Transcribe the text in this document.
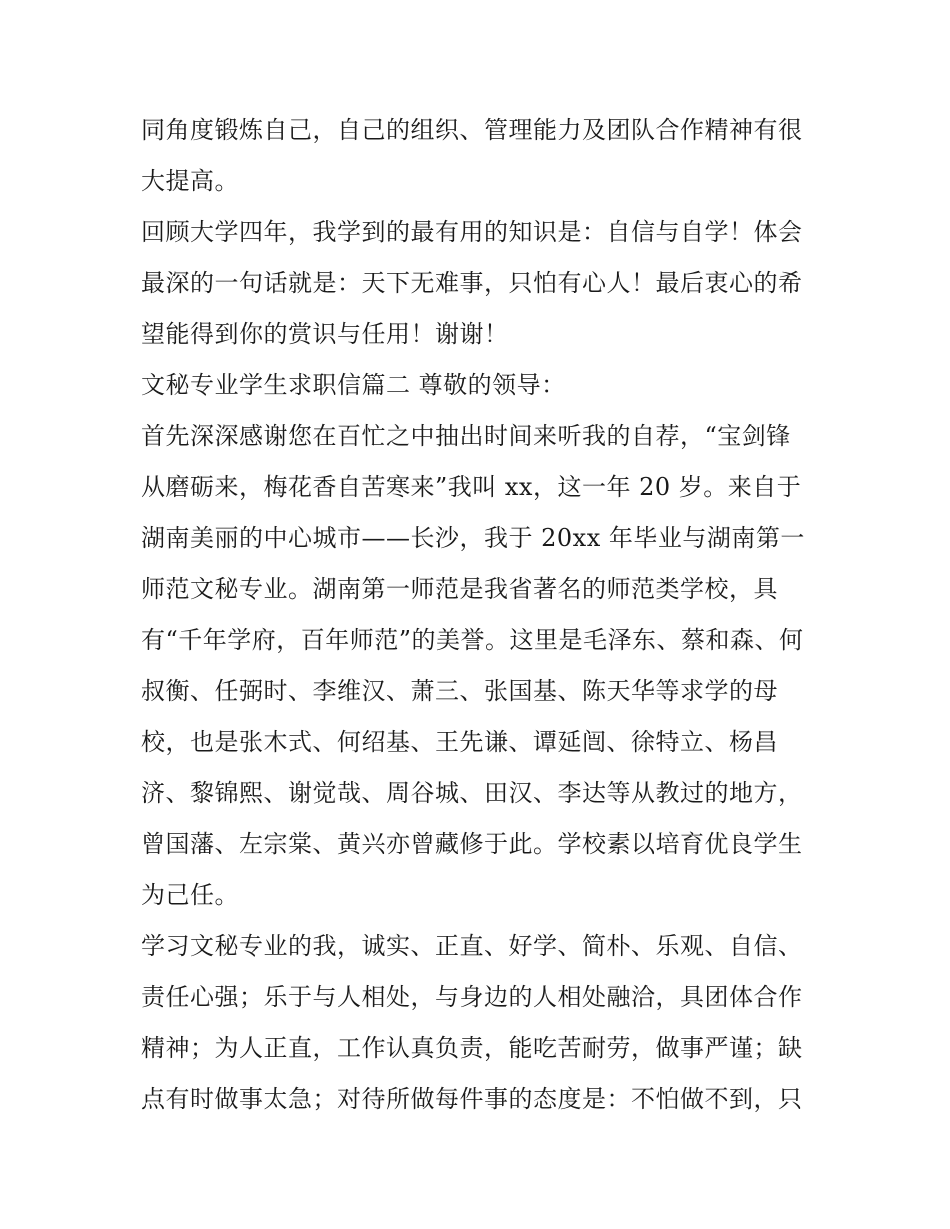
同角度锻炼自己，自己的组织、管理能力及团队合作精神有很
大提高。
回顾大学四年，我学到的最有用的知识是：自信与自学！体会
最深的一句话就是：天下无难事，只怕有心人！最后衷心的希
望能得到你的赏识与任用！谢谢！
文秘专业学生求职信篇二 尊敬的领导：
首先深深感谢您在百忙之中抽出时间来听我的自荐，“宝剑锋
从磨砺来，梅花香自苦寒来”我叫 xx，这一年 20 岁。来自于
湖南美丽的中心城市——长沙，我于 20xx 年毕业与湖南第一
师范文秘专业。湖南第一师范是我省著名的师范类学校，具
有“千年学府，百年师范”的美誉。这里是毛泽东、蔡和森、何
叔衡、任弼时、李维汉、萧三、张国基、陈天华等求学的母
校，也是张木式、何绍基、王先谦、谭延闿、徐特立、杨昌
济、黎锦熙、谢觉哉、周谷城、田汉、李达等从教过的地方，
曾国藩、左宗棠、黄兴亦曾藏修于此。学校素以培育优良学生
为己任。
学习文秘专业的我，诚实、正直、好学、简朴、乐观、自信、
责任心强；乐于与人相处，与身边的人相处融洽，具团体合作
精神；为人正直，工作认真负责，能吃苦耐劳，做事严谨；缺
点有时做事太急；对待所做每件事的态度是：不怕做不到，只
